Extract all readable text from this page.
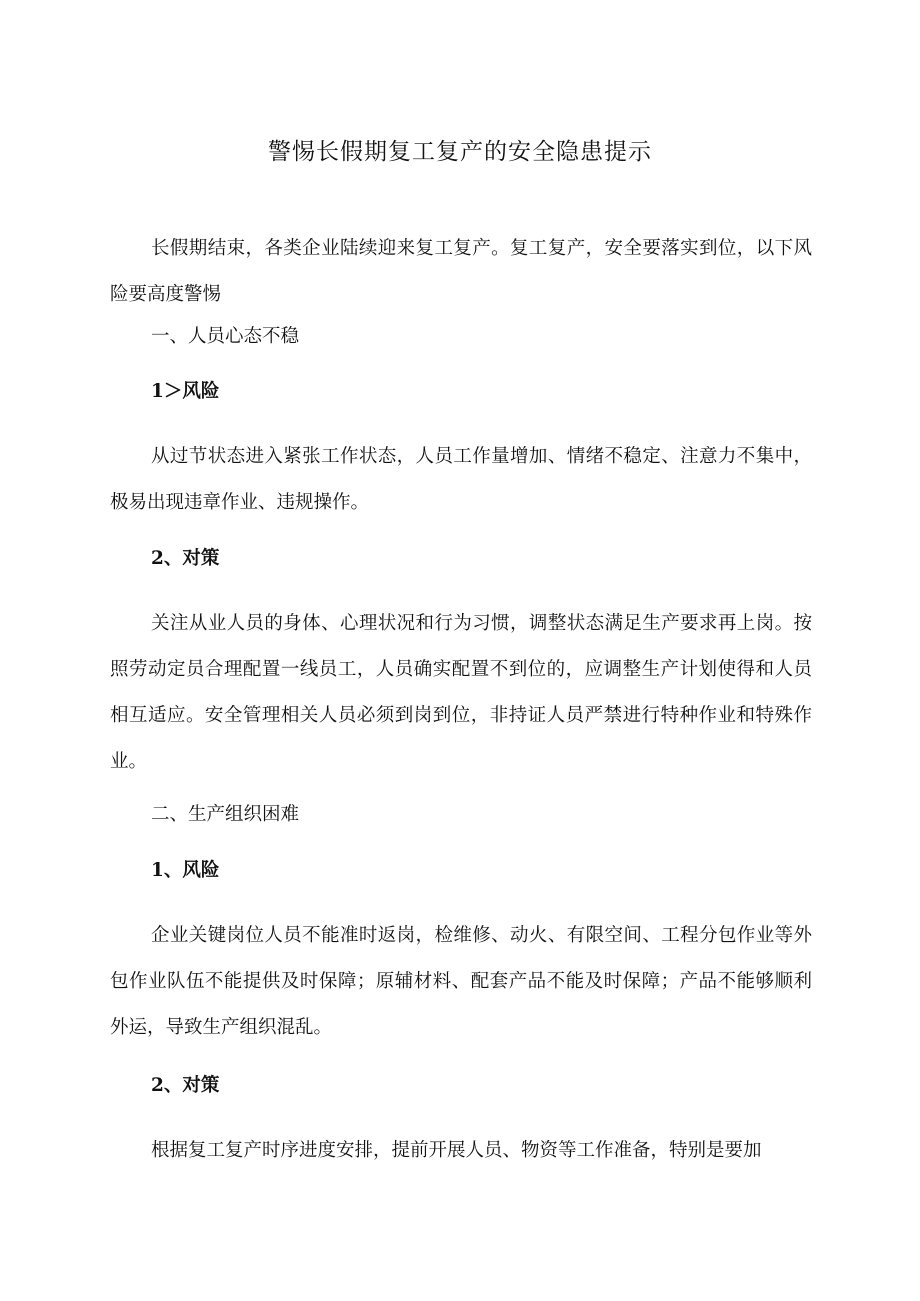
警惕长假期复工复产的安全隐患提示

长假期结束，各类企业陆续迎来复工复产。复工复产，安全要落实到位，以下风险要高度警惕

一、人员心态不稳

1＞风险

从过节状态进入紧张工作状态，人员工作量增加、情绪不稳定、注意力不集中，极易出现违章作业、违规操作。

2、对策

关注从业人员的身体、心理状况和行为习惯，调整状态满足生产要求再上岗。按照劳动定员合理配置一线员工，人员确实配置不到位的，应调整生产计划使得和人员相互适应。安全管理相关人员必须到岗到位，非持证人员严禁进行特种作业和特殊作业。

二、生产组织困难

1、风险

企业关键岗位人员不能准时返岗，检维修、动火、有限空间、工程分包作业等外包作业队伍不能提供及时保障；原辅材料、配套产品不能及时保障；产品不能够顺利外运，导致生产组织混乱。

2、对策

根据复工复产时序进度安排，提前开展人员、物资等工作准备，特别是要加
